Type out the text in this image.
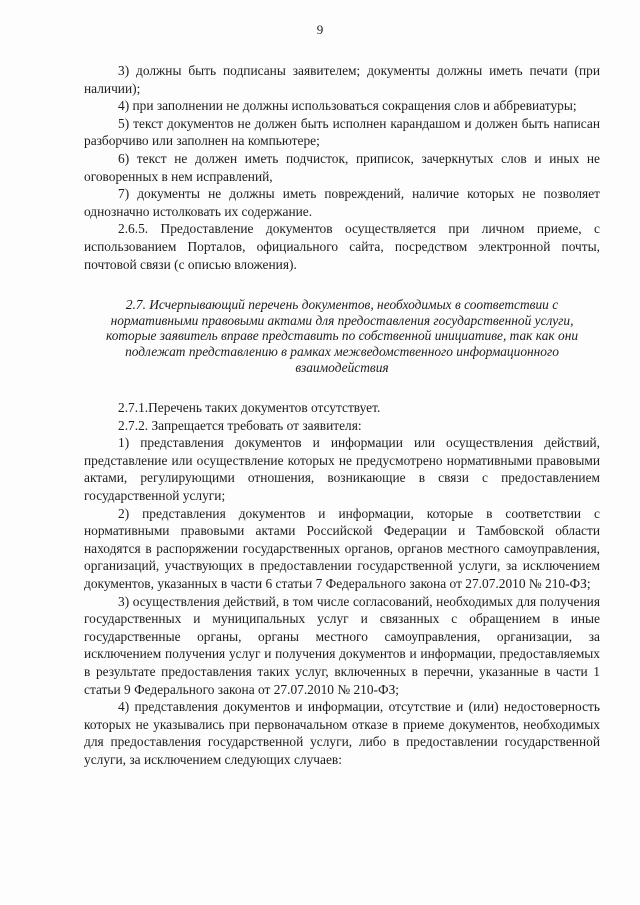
9

3) должны быть подписаны заявителем; документы должны иметь печати (при наличии);

4) при заполнении не должны использоваться сокращения слов и аббревиатуры;

5) текст документов не должен быть исполнен карандашом и должен быть написан разборчиво или заполнен на компьютере;

6) текст не должен иметь подчисток, приписок, зачеркнутых слов и иных не оговоренных в нем исправлений,

7) документы не должны иметь повреждений, наличие которых не позволяет однозначно истолковать их содержание.

2.6.5. Предоставление документов осуществляется при личном приеме, с использованием Порталов, официального сайта, посредством электронной почты, почтовой связи (с описью вложения).

2.7. Исчерпывающий перечень документов, необходимых в соответствии с нормативными правовыми актами для предоставления государственной услуги, которые заявитель вправе представить по собственной инициативе, так как они подлежат представлению в рамках межведомственного информационного взаимодействия

2.7.1.Перечень таких документов отсутствует.

2.7.2. Запрещается требовать от заявителя:

1) представления документов и информации или осуществления действий, представление или осуществление которых не предусмотрено нормативными правовыми актами, регулирующими отношения, возникающие в связи с предоставлением государственной услуги;

2) представления документов и информации, которые в соответствии с нормативными правовыми актами Российской Федерации и Тамбовской области находятся в распоряжении государственных органов, органов местного самоуправления, организаций, участвующих в предоставлении государственной услуги, за исключением документов, указанных в части 6 статьи 7 Федерального закона от 27.07.2010 № 210-ФЗ;

3) осуществления действий, в том числе согласований, необходимых для получения государственных и муниципальных услуг и связанных с обращением в иные государственные органы, органы местного самоуправления, организации, за исключением получения услуг и получения документов и информации, предоставляемых в результате предоставления таких услуг, включенных в перечни, указанные в части 1 статьи 9 Федерального закона от 27.07.2010 № 210-ФЗ;

4) представления документов и информации, отсутствие и (или) недостоверность которых не указывались при первоначальном отказе в приеме документов, необходимых для предоставления государственной услуги, либо в предоставлении государственной услуги, за исключением следующих случаев:
